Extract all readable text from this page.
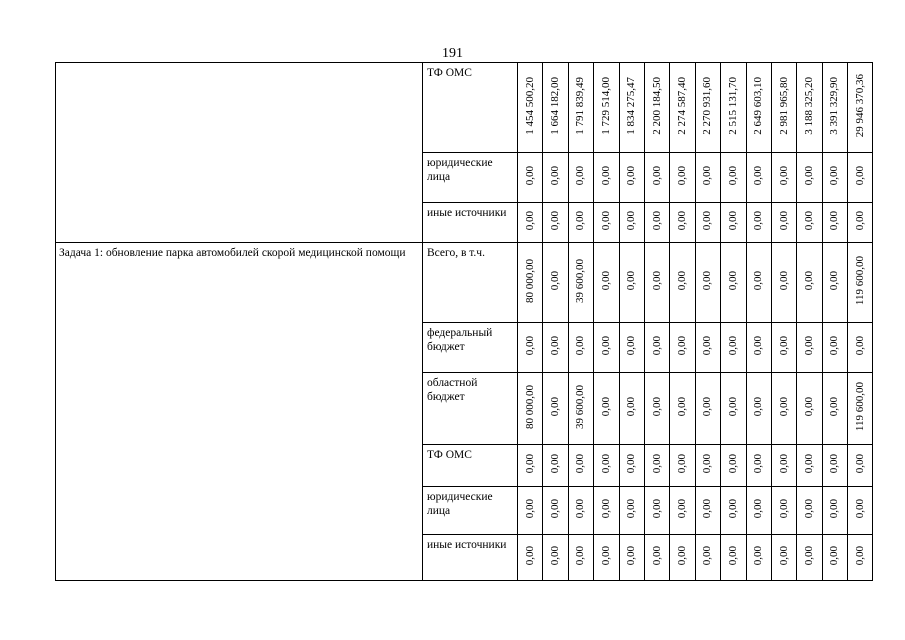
191
	ТФ ОМС	1 454 500,20	1 664 182,00	1 791 839,49	1 729 514,00	1 834 275,47	2 200 184,50	2 274 587,40	2 270 931,60	2 515 131,70	2 649 603,10	2 981 965,80	3 188 325,20	3 391 329,90	29 946 370,36
	юридические лица	0,00	0,00	0,00	0,00	0,00	0,00	0,00	0,00	0,00	0,00	0,00	0,00	0,00	0,00
	иные источники	0,00	0,00	0,00	0,00	0,00	0,00	0,00	0,00	0,00	0,00	0,00	0,00	0,00	0,00
Задача 1: обновление парка автомобилей скорой медицинской помощи	Всего, в т.ч.	80 000,00	0,00	39 600,00	0,00	0,00	0,00	0,00	0,00	0,00	0,00	0,00	0,00	0,00	119 600,00
	федеральный бюджет	0,00	0,00	0,00	0,00	0,00	0,00	0,00	0,00	0,00	0,00	0,00	0,00	0,00	0,00
	областной бюджет	80 000,00	0,00	39 600,00	0,00	0,00	0,00	0,00	0,00	0,00	0,00	0,00	0,00	0,00	119 600,00
	ТФ ОМС	0,00	0,00	0,00	0,00	0,00	0,00	0,00	0,00	0,00	0,00	0,00	0,00	0,00	0,00
	юридические лица	0,00	0,00	0,00	0,00	0,00	0,00	0,00	0,00	0,00	0,00	0,00	0,00	0,00	0,00
	иные источники	0,00	0,00	0,00	0,00	0,00	0,00	0,00	0,00	0,00	0,00	0,00	0,00	0,00	0,00
